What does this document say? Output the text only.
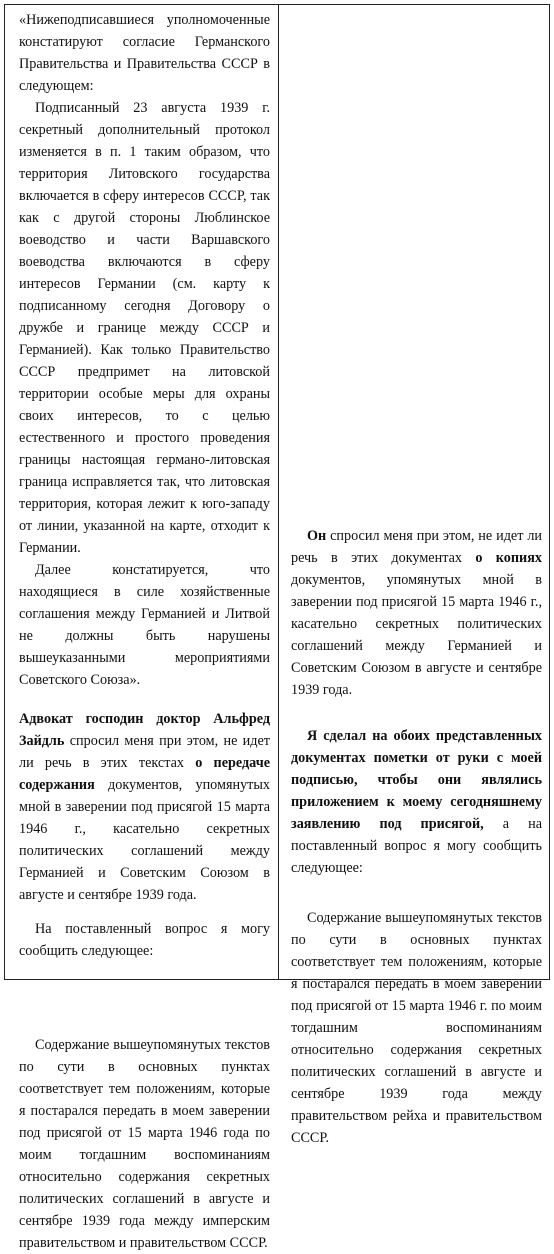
«Нижеподписавшиеся уполномоченные констатируют согласие Германского Правительства и Правительства СССР в следующем:

Подписанный 23 августа 1939 г. секретный дополнительный протокол изменяется в п. 1 таким образом, что территория Литовского государства включается в сферу интересов СССР, так как с другой стороны Люблинское воеводство и части Варшавского воеводства включаются в сферу интересов Германии (см. карту к подписанному сегодня Договору о дружбе и границе между СССР и Германией). Как только Правительство СССР предпримет на литовской территории особые меры для охраны своих интересов, то с целью естественного и простого проведения границы настоящая германо-литовская граница исправляется так, что литовская территория, которая лежит к юго-западу от линии, указанной на карте, отходит к Германии.

Далее констатируется, что находящиеся в силе хозяйственные соглашения между Германией и Литвой не должны быть нарушены вышеуказанными мероприятиями Советского Союза».

Адвокат господин доктор Альфред Зайдль спросил меня при этом, не идет ли речь в этих текстах о передаче содержания документов, упомянутых мной в заверении под присягой 15 марта 1946 г., касательно секретных политических соглашений между Германией и Советским Союзом в августе и сентябре 1939 года.

На поставленный вопрос я могу сообщить следующее:

Содержание вышеупомянутых текстов по сути в основных пунктах соответствует тем положениям, которые я постарался передать в моем заверении под присягой от 15 марта 1946 года по моим тогдашним воспоминаниям относительно содержания секретных политических соглашений в августе и сентябре 1939 года между имперским правительством и правительством СССР.

Он спросил меня при этом, не идет ли речь в этих документах о копиях документов, упомянутых мной в заверении под присягой 15 марта 1946 г., касательно секретных политических соглашений между Германией и Советским Союзом в августе и сентябре 1939 года.

Я сделал на обоих представленных документах пометки от руки с моей подписью, чтобы они являлись приложением к моему сегодняшнему заявлению под присягой, а на поставленный вопрос я могу сообщить следующее:

Содержание вышеупомянутых текстов по сути в основных пунктах соответствует тем положениям, которые я постарался передать в моем заверении под присягой от 15 марта 1946 г. по моим тогдашним воспоминаниям относительно содержания секретных политических соглашений в августе и сентябре 1939 года между правительством рейха и правительством СССР.
